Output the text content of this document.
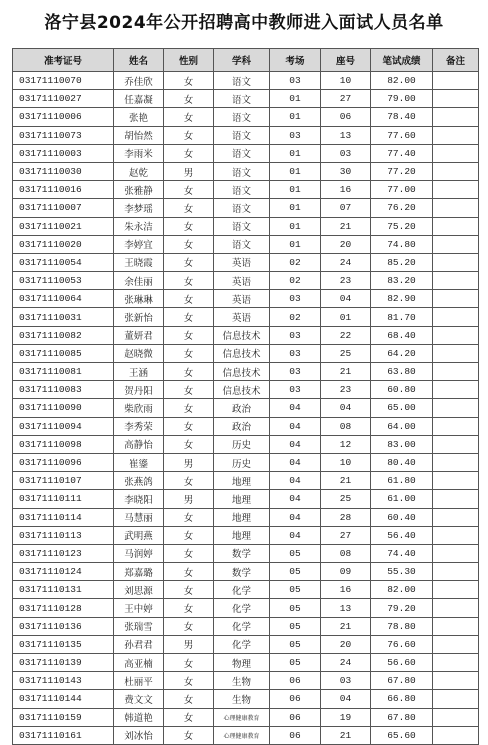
洛宁县2024年公开招聘高中教师进入面试人员名单
准考证号	姓名	性别	学科	考场	座号	笔试成绩	备注
03171110070	乔佳欣	女	语文	03	10	82.00	
03171110027	任嘉凝	女	语文	01	27	79.00	
03171110006	张艳	女	语文	01	06	78.40	
03171110073	胡怡然	女	语文	03	13	77.60	
03171110003	李雨米	女	语文	01	03	77.40	
03171110030	赵乾	男	语文	01	30	77.20	
03171110016	张雅静	女	语文	01	16	77.00	
03171110007	李梦瑶	女	语文	01	07	76.20	
03171110021	朱永洁	女	语文	01	21	75.20	
03171110020	李婷宜	女	语文	01	20	74.80	
03171110054	王晓霞	女	英语	02	24	85.20	
03171110053	余佳丽	女	英语	02	23	83.20	
03171110064	张琳琳	女	英语	03	04	82.90	
03171110031	张新怡	女	英语	02	01	81.70	
03171110082	董妍君	女	信息技术	03	22	68.40	
03171110085	赵晓微	女	信息技术	03	25	64.20	
03171110081	王涵	女	信息技术	03	21	63.80	
03171110083	贺丹阳	女	信息技术	03	23	60.80	
03171110090	柴欣雨	女	政治	04	04	65.00	
03171110094	李秀荣	女	政治	04	08	64.00	
03171110098	高静怡	女	历史	04	12	83.00	
03171110096	崔鎏	男	历史	04	10	80.40	
03171110107	张燕鸽	女	地理	04	21	61.80	
03171110111	李晓阳	男	地理	04	25	61.00	
03171110114	马慧丽	女	地理	04	28	60.40	
03171110113	武明燕	女	地理	04	27	56.40	
03171110123	马润婷	女	数学	05	08	74.40	
03171110124	郑嘉璐	女	数学	05	09	55.30	
03171110131	刘思源	女	化学	05	16	82.00	
03171110128	王中婷	女	化学	05	13	79.20	
03171110136	张瑞雪	女	化学	05	21	78.80	
03171110135	孙君君	男	化学	05	20	76.60	
03171110139	高亚楠	女	物理	05	24	56.60	
03171110143	杜丽平	女	生物	06	03	67.80	
03171110144	费文文	女	生物	06	04	66.80	
03171110159	韩道艳	女	心理健康教育	06	19	67.80	
03171110161	刘冰怡	女	心理健康教育	06	21	65.60	
